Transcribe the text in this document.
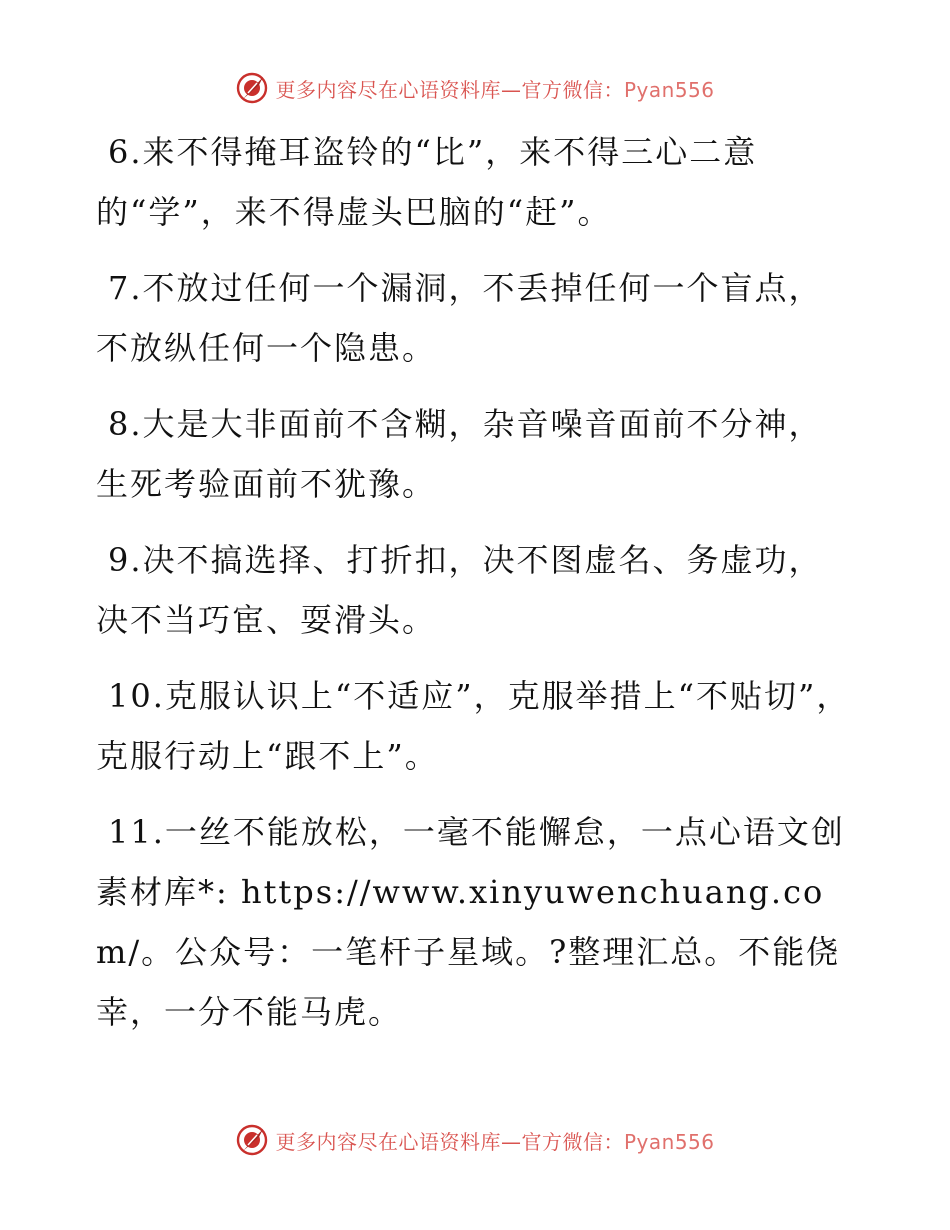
更多内容尽在心语资料库—官方微信：Pyan556

6.来不得掩耳盗铃的“比”，来不得三心二意的“学”，来不得虚头巴脑的“赶”。

7.不放过任何一个漏洞，不丢掉任何一个盲点，不放纵任何一个隐患。

8.大是大非面前不含糊，杂音噪音面前不分神，生死考验面前不犹豫。

9.决不搞选择、打折扣，决不图虚名、务虚功，决不当巧宦、耍滑头。

10.克服认识上“不适应”，克服举措上“不贴切”，克服行动上“跟不上”。

11.一丝不能放松，一毫不能懈怠，一点心语文创素材库*: https://www.xinyuwenchuang.com/。公众号：一笔杆子星域。?整理汇总。不能侥幸，一分不能马虎。

更多内容尽在心语资料库—官方微信：Pyan556
